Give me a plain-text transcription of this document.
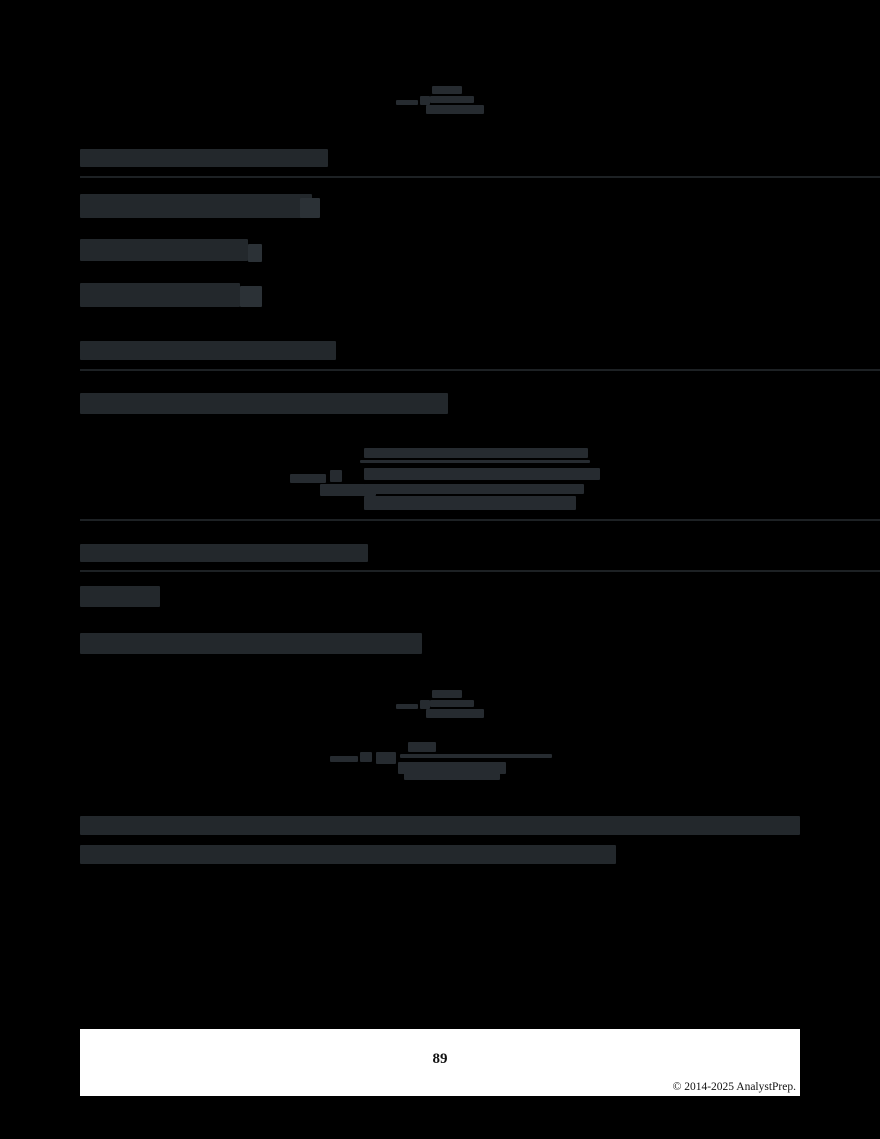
89
© 2014-2025 AnalystPrep.
